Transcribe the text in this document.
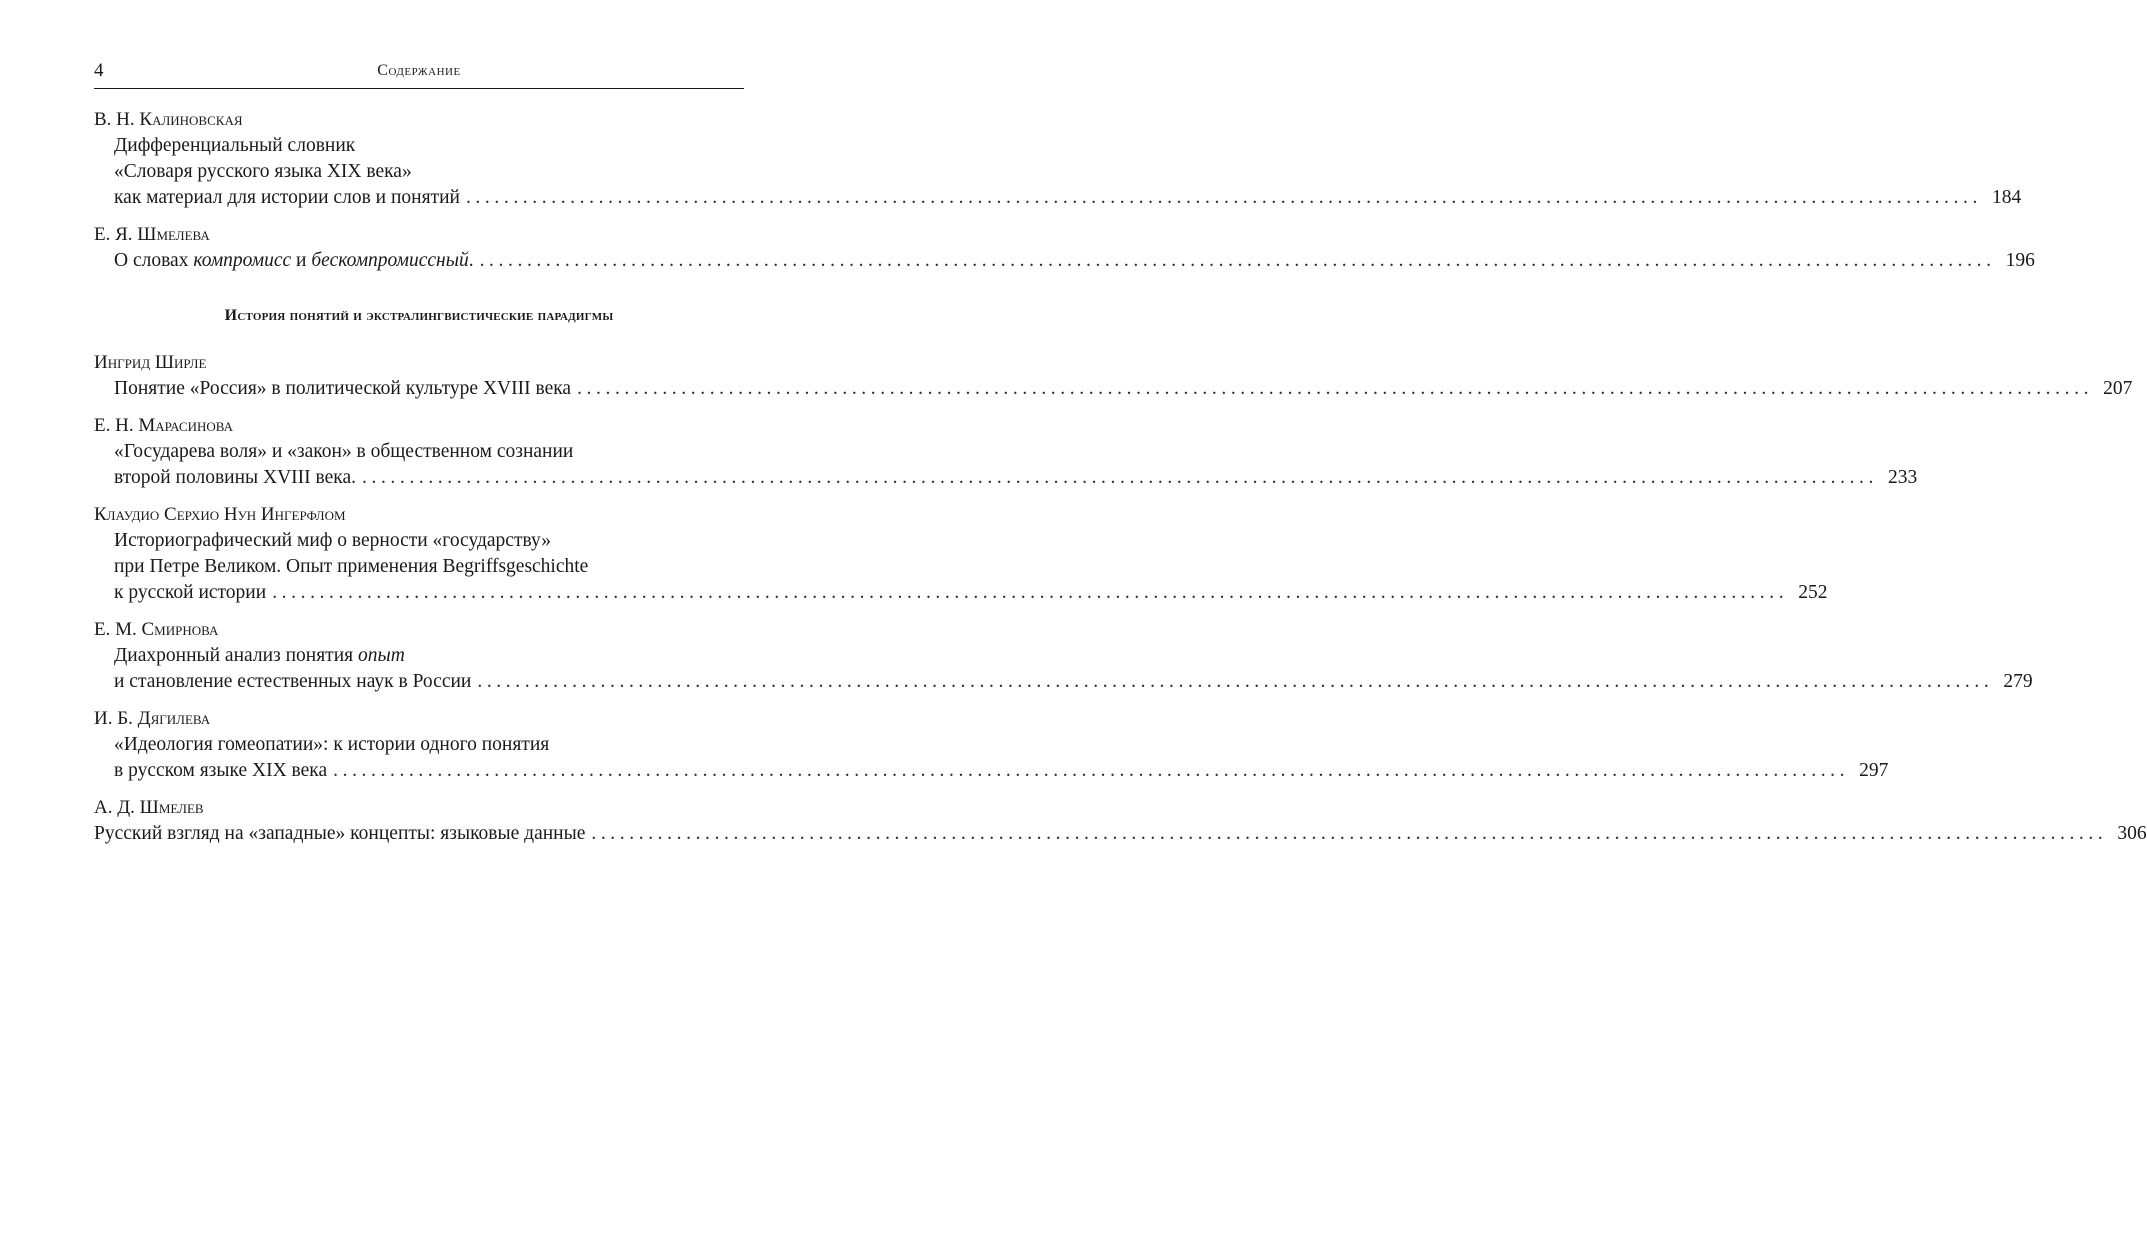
4	Содержание
В. Н. Калиновская
Дифференциальный словник
«Словаря русского языка XIX века»
как материал для истории слов и понятий ................................................................................................................................................................ 184
Е. Я. Шмелева
О словах компромисс и бескомпромиссный. ................................................................................................................................................................ 196
История понятий и экстралингвистические парадигмы
Ингрид Ширле
Понятие «Россия» в политической культуре XVIII века ................................................................................................................................................................ 207
Е. Н. Марасинова
«Государева воля» и «закон» в общественном сознании
второй половины XVIII века. ................................................................................................................................................................ 233
Клаудио Серхио Нун Ингерфлом
Историографический миф о верности «государству»
при Петре Великом. Опыт применения Begriffsgeschichte
к русской истории ................................................................................................................................................................ 252
Е. М. Смирнова
Диахронный анализ понятия опыт
и становление естественных наук в России ................................................................................................................................................................ 279
И. Б. Дягилева
«Идеология гомеопатии»: к истории одного понятия
в русском языке XIX века ................................................................................................................................................................ 297
А. Д. Шмелев
Русский взгляд на «западные» концепты: языковые данные ................................................................................................................................................................ 306
